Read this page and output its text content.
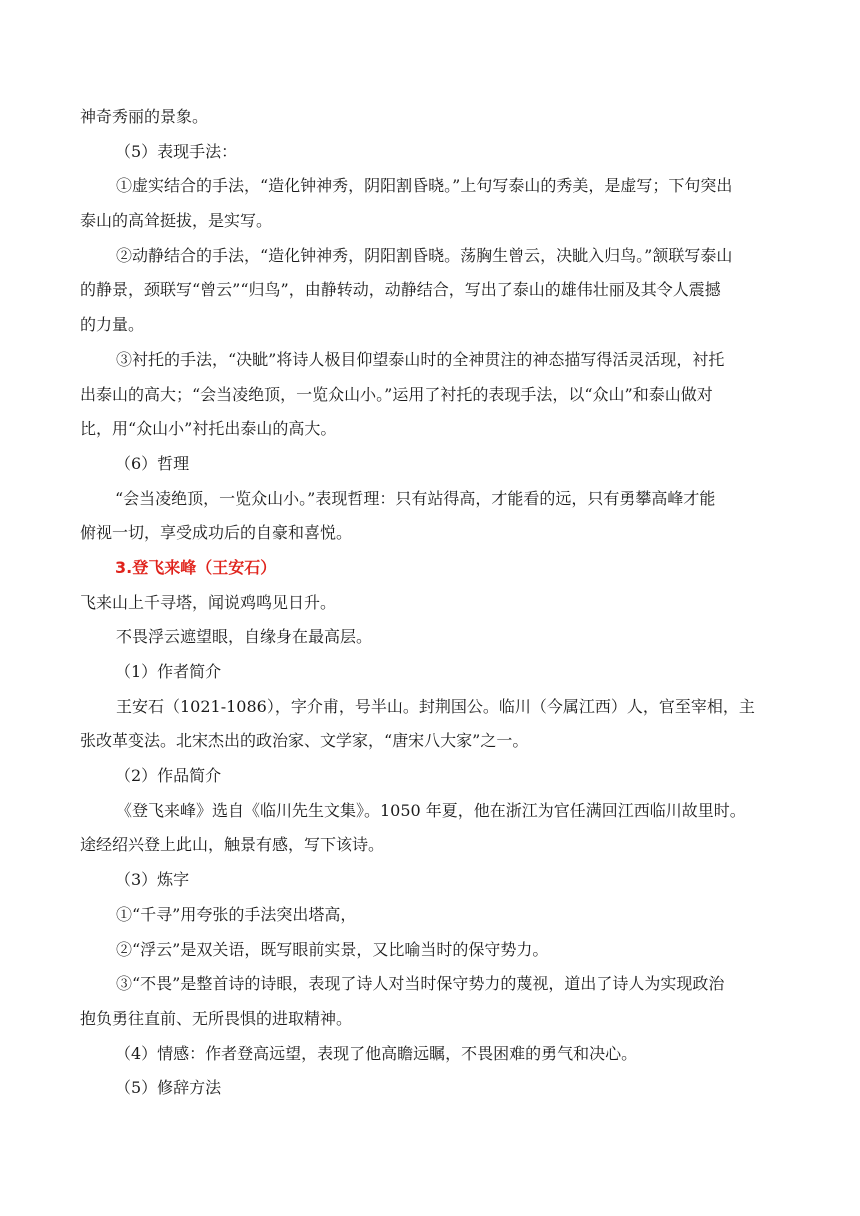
神奇秀丽的景象。
（5）表现手法：
①虚实结合的手法，“造化钟神秀，阴阳割昏晓。”上句写泰山的秀美，是虚写；下句突出
泰山的高耸挺拔，是实写。
②动静结合的手法，“造化钟神秀，阴阳割昏晓。荡胸生曾云，决眦入归鸟。”颔联写泰山
的静景，颈联写“曾云”“归鸟”，由静转动，动静结合，写出了泰山的雄伟壮丽及其令人震撼
的力量。
③衬托的手法，“决眦”将诗人极目仰望泰山时的全神贯注的神态描写得活灵活现，衬托
出泰山的高大；“会当凌绝顶，一览众山小。”运用了衬托的表现手法，以“众山”和泰山做对
比，用“众山小”衬托出泰山的高大。
（6）哲理
“会当凌绝顶，一览众山小。”表现哲理：只有站得高，才能看的远，只有勇攀高峰才能
俯视一切，享受成功后的自豪和喜悦。
3.登飞来峰（王安石）
飞来山上千寻塔，闻说鸡鸣见日升。
不畏浮云遮望眼，自缘身在最高层。
（1）作者简介
王安石（1021-1086），字介甫，号半山。封荆国公。临川（今属江西）人，官至宰相，主
张改革变法。北宋杰出的政治家、文学家，“唐宋八大家”之一。
（2）作品简介
《登飞来峰》选自《临川先生文集》。1050 年夏，他在浙江为官任满回江西临川故里时。
途经绍兴登上此山，触景有感，写下该诗。
（3）炼字
①“千寻”用夸张的手法突出塔高，
②“浮云”是双关语，既写眼前实景，又比喻当时的保守势力。
③“不畏”是整首诗的诗眼，表现了诗人对当时保守势力的蔑视，道出了诗人为实现政治
抱负勇往直前、无所畏惧的进取精神。
（4）情感：作者登高远望，表现了他高瞻远瞩，不畏困难的勇气和决心。
（5）修辞方法
